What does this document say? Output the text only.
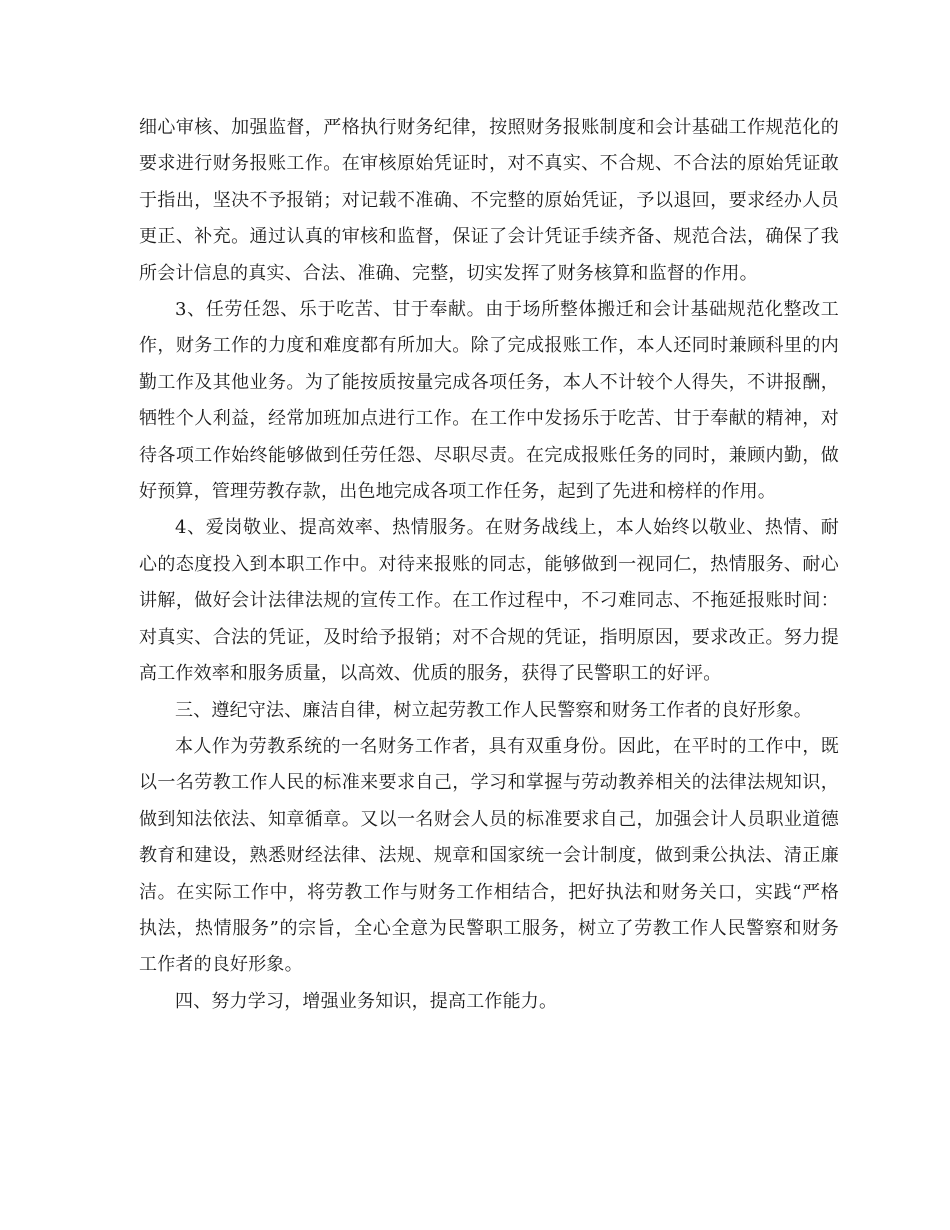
细心审核、加强监督，严格执行财务纪律，按照财务报账制度和会计基础工作规范化的要求进行财务报账工作。在审核原始凭证时，对不真实、不合规、不合法的原始凭证敢于指出，坚决不予报销；对记载不准确、不完整的原始凭证，予以退回，要求经办人员更正、补充。通过认真的审核和监督，保证了会计凭证手续齐备、规范合法，确保了我所会计信息的真实、合法、准确、完整，切实发挥了财务核算和监督的作用。

3、任劳任怨、乐于吃苦、甘于奉献。由于场所整体搬迁和会计基础规范化整改工作，财务工作的力度和难度都有所加大。除了完成报账工作，本人还同时兼顾科里的内勤工作及其他业务。为了能按质按量完成各项任务，本人不计较个人得失，不讲报酬，牺牲个人利益，经常加班加点进行工作。在工作中发扬乐于吃苦、甘于奉献的精神，对待各项工作始终能够做到任劳任怨、尽职尽责。在完成报账任务的同时，兼顾内勤，做好预算，管理劳教存款，出色地完成各项工作任务，起到了先进和榜样的作用。

4、爱岗敬业、提高效率、热情服务。在财务战线上，本人始终以敬业、热情、耐心的态度投入到本职工作中。对待来报账的同志，能够做到一视同仁，热情服务、耐心讲解，做好会计法律法规的宣传工作。在工作过程中，不刁难同志、不拖延报账时间：对真实、合法的凭证，及时给予报销；对不合规的凭证，指明原因，要求改正。努力提高工作效率和服务质量，以高效、优质的服务，获得了民警职工的好评。

三、遵纪守法、廉洁自律，树立起劳教工作人民警察和财务工作者的良好形象。

本人作为劳教系统的一名财务工作者，具有双重身份。因此，在平时的工作中，既以一名劳教工作人民的标准来要求自己，学习和掌握与劳动教养相关的法律法规知识，做到知法依法、知章循章。又以一名财会人员的标准要求自己，加强会计人员职业道德教育和建设，熟悉财经法律、法规、规章和国家统一会计制度，做到秉公执法、清正廉洁。在实际工作中，将劳教工作与财务工作相结合，把好执法和财务关口，实践“严格执法，热情服务”的宗旨，全心全意为民警职工服务，树立了劳教工作人民警察和财务工作者的良好形象。

四、努力学习，增强业务知识，提高工作能力。
